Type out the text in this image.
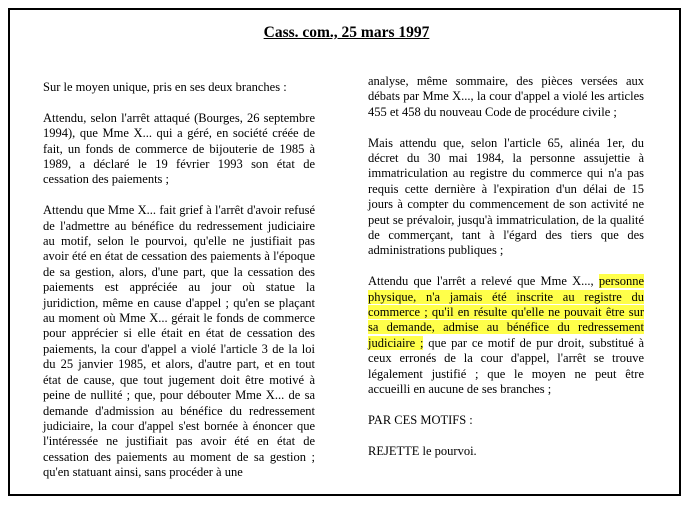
Cass. com., 25 mars 1997

Sur le moyen unique, pris en ses deux branches :

Attendu, selon l'arrêt attaqué (Bourges, 26 septembre 1994), que Mme X... qui a géré, en société créée de fait, un fonds de commerce de bijouterie de 1985 à 1989, a déclaré le 19 février 1993 son état de cessation des paiements ;

Attendu que Mme X... fait grief à l'arrêt d'avoir refusé de l'admettre au bénéfice du redressement judiciaire au motif, selon le pourvoi, qu'elle ne justifiait pas avoir été en état de cessation des paiements à l'époque de sa gestion, alors, d'une part, que la cessation des paiements est appréciée au jour où statue la juridiction, même en cause d'appel ; qu'en se plaçant au moment où Mme X... gérait le fonds de commerce pour apprécier si elle était en état de cessation des paiements, la cour d'appel a violé l'article 3 de la loi du 25 janvier 1985, et alors, d'autre part, et en tout état de cause, que tout jugement doit être motivé à peine de nullité ; que, pour débouter Mme X... de sa demande d'admission au bénéfice du redressement judiciaire, la cour d'appel s'est bornée à énoncer que l'intéressée ne justifiait pas avoir été en état de cessation des paiements au moment de sa gestion ; qu'en statuant ainsi, sans procéder à une

analyse, même sommaire, des pièces versées aux débats par Mme X..., la cour d'appel a violé les articles 455 et 458 du nouveau Code de procédure civile ;

Mais attendu que, selon l'article 65, alinéa 1er, du décret du 30 mai 1984, la personne assujettie à immatriculation au registre du commerce qui n'a pas requis cette dernière à l'expiration d'un délai de 15 jours à compter du commencement de son activité ne peut se prévaloir, jusqu'à immatriculation, de la qualité de commerçant, tant à l'égard des tiers que des administrations publiques ;

Attendu que l'arrêt a relevé que Mme X..., personne physique, n'a jamais été inscrite au registre du commerce ; qu'il en résulte qu'elle ne pouvait être sur sa demande, admise au bénéfice du redressement judiciaire ; que par ce motif de pur droit, substitué à ceux erronés de la cour d'appel, l'arrêt se trouve légalement justifié ; que le moyen ne peut être accueilli en aucune de ses branches ;

PAR CES MOTIFS :

REJETTE le pourvoi.
